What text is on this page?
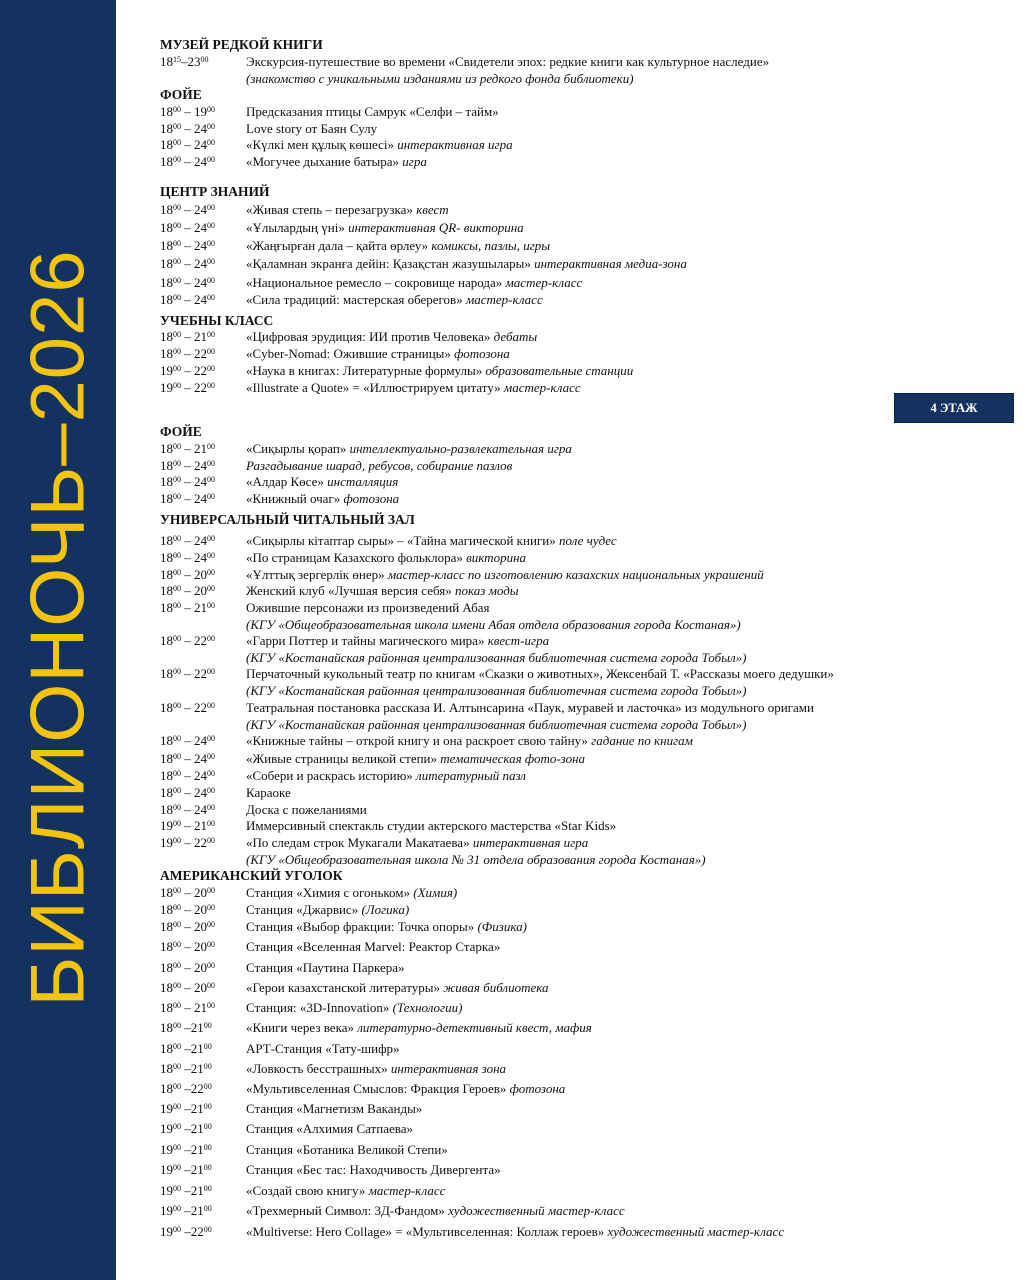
БИБЛИОНОЧЬ–2026	4 ЭТАЖ
МУЗЕЙ РЕДКОЙ КНИГИ
$18^{15}-23^{00}$	Экскурсия-путешествие во времени «Свидетели эпох: редкие книги как культурное наследие»
(знакомство с уникальными изданиями из редкого фонда библиотеки)
ФОЙЕ
$18^{00} - 19^{00}$	Предсказания птицы Самрук «Селфи – тайм»
$18^{00} - 24^{00}$	Love story от Баян Сулу
$18^{00} - 24^{00}$	«Күлкі мен құлық көшесі» интерактивная игра
$18^{00} - 24^{00}$	«Могучее дыхание батыра» игра
ЦЕНТР ЗНАНИЙ
$18^{00} - 24^{00}$	«Живая степь – перезагрузка» квест
$18^{00} - 24^{00}$	«Ұлылардың үні» интерактивная QR- викторина
$18^{00} - 24^{00}$	«Жаңғырған дала – қайта өрлеу» комиксы, пазлы, игры
$18^{00} - 24^{00}$	«Қаламнан экранға дейін: Қазақстан жазушылары» интерактивная медиа-зона
$18^{00} - 24^{00}$	«Национальное ремесло – сокровище народа» мастер-класс
$18^{00} - 24^{00}$	«Сила традиций: мастерская оберегов» мастер-класс
УЧЕБНЫ КЛАСС
$18^{00} - 21^{00}$	«Цифровая эрудиция: ИИ против Человека» дебаты
$18^{00} - 22^{00}$	«Cyber-Nomad: Ожившие страницы» фотозона
$19^{00} - 22^{00}$	«Наука в книгах: Литературные формулы» образовательные станции
$19^{00} - 22^{00}$	«Illustrate a Quote» = «Иллюстрируем цитату» мастер-класс
ФОЙЕ
$18^{00} - 21^{00}$	«Сиқырлы қорап» интеллектуально-развлекательная игра
$18^{00} - 24^{00}$	Разгадывание шарад, ребусов, собирание пазлов
$18^{00} - 24^{00}$	«Алдар Көсе» инсталляция
$18^{00} - 24^{00}$	«Книжный очаг» фотозона
УНИВЕРСАЛЬНЫЙ ЧИТАЛЬНЫЙ ЗАЛ
$18^{00} - 24^{00}$	«Сиқырлы кітаптар сыры» – «Тайна магической книги» поле чудес
$18^{00} - 24^{00}$	«По страницам Казахского фольклора» викторина
$18^{00} - 20^{00}$	«Ұлттық зергерлік өнер» мастер-класс по изготовлению казахских национальных украшений
$18^{00} - 20^{00}$	Женский клуб «Лучшая версия себя» показ моды
$18^{00} - 21^{00}$	Ожившие персонажи из произведений Абая
(КГУ «Общеобразовательная школа имени Абая отдела образования города Костаная»)
$18^{00} - 22^{00}$	«Гарри Поттер и тайны магического мира» квест-игра
(КГУ «Костанайская районная централизованная библиотечная система города Тобыл»)
$18^{00} - 22^{00}$	Перчаточный кукольный театр по книгам «Сказки о животных», Жексенбай Т. «Рассказы моего дедушки»
(КГУ «Костанайская районная централизованная библиотечная система города Тобыл»)
$18^{00} - 22^{00}$	Театральная постановка рассказа И. Алтынсарина «Паук, муравей и ласточка» из модульного оригами
(КГУ «Костанайская районная централизованная библиотечная система города Тобыл»)
$18^{00} - 24^{00}$	«Книжные тайны – открой книгу и она раскроет свою тайну» гадание по книгам
$18^{00} - 24^{00}$	«Живые страницы великой степи» тематическая фото-зона
$18^{00} - 24^{00}$	«Собери и раскрась историю» литературный пазл
$18^{00} - 24^{00}$	Караоке
$18^{00} - 24^{00}$	Доска с пожеланиями
$19^{00} - 21^{00}$	Иммерсивный спектакль студии актерского мастерства «Star Kids»
$19^{00} - 22^{00}$	«По следам строк Мукагали Макатаева» интерактивная игра
(КГУ «Общеобразовательная школа № 31 отдела образования города Костаная»)
АМЕРИКАНСКИЙ УГОЛОК
$18^{00} - 20^{00}$	Станция «Химия с огоньком» (Химия)
$18^{00} - 20^{00}$	Станция «Джарвис» (Логика)
$18^{00} - 20^{00}$	Станция «Выбор фракции: Точка опоры» (Физика)
$18^{00} - 20^{00}$	Станция «Вселенная Marvel: Реактор Старка»
$18^{00} - 20^{00}$	Станция «Паутина Паркера»
$18^{00} - 20^{00}$	«Герои казахстанской литературы» живая библиотека
$18^{00} - 21^{00}$	Станция: «3D-Innovation» (Технологии)
$18^{00}$ $-21^{00}$	«Книги через века» литературно-детективный квест, мафия
$18^{00}$ $-21^{00}$	АРТ-Станция «Тату-шифр»
$18^{00}$ $-21^{00}$	«Ловкость бесстрашных» интерактивная зона
$18^{00}$ $-22^{00}$	«Мультивселенная Смыслов: Фракция Героев» фотозона
$19^{00}$ $-21^{00}$	Станция «Магнетизм Ваканды»
$19^{00}$ $-21^{00}$	Станция «Алхимия Сатпаева»
$19^{00}$ $-21^{00}$	Станция «Ботаника Великой Степи»
$19^{00}$ $-21^{00}$	Станция «Бес тас: Находчивость Дивергента»
$19^{00}$ $-21^{00}$	«Создай свою книгу» мастер-класс
$19^{00}$ $-21^{00}$	«Трехмерный Символ: 3Д-Фандом» художественный мастер-класс
$19^{00}$ $-22^{00}$	«Multiverse: Hero Collage» = «Мультивселенная: Коллаж героев» художественный мастер-класс
